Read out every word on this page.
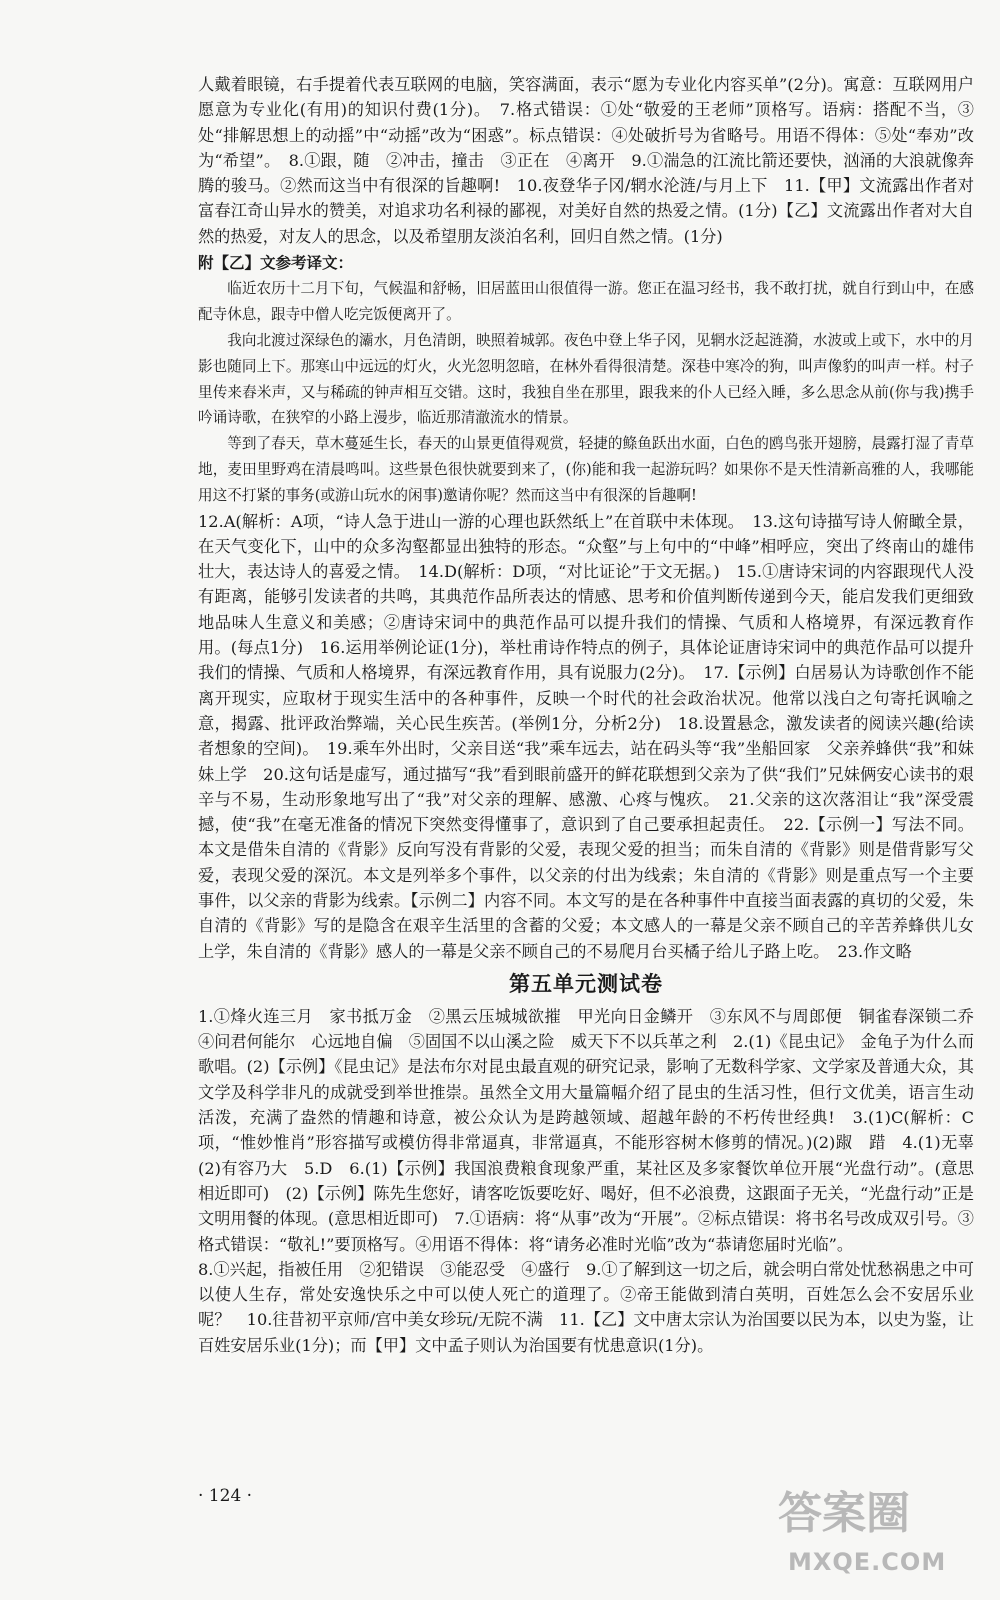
人戴着眼镜，右手提着代表互联网的电脑，笑容满面，表示“愿为专业化内容买单”(2分)。寓意：互联网用户愿意为专业化(有用)的知识付费(1分)。　7.格式错误：①处“敬爱的王老师”顶格写。语病：搭配不当，③处“排解思想上的动摇”中“动摇”改为“困惑”。标点错误：④处破折号为省略号。用语不得体：⑤处“奉劝”改为“希望”。　8.①跟，随　②冲击，撞击　③正在　④离开　9.①湍急的江流比箭还要快，汹涌的大浪就像奔腾的骏马。②然而这当中有很深的旨趣啊!　10.夜登华子冈/辋水沦涟/与月上下　11.【甲】文流露出作者对富春江奇山异水的赞美，对追求功名利禄的鄙视，对美好自然的热爱之情。(1分)【乙】文流露出作者对大自然的热爱，对友人的思念，以及希望朋友淡泊名利，回归自然之情。(1分)

附【乙】文参考译文：

临近农历十二月下旬，气候温和舒畅，旧居蓝田山很值得一游。您正在温习经书，我不敢打扰，就自行到山中，在感配寺休息，跟寺中僧人吃完饭便离开了。

我向北渡过深绿色的灞水，月色清朗，映照着城郭。夜色中登上华子冈，见辋水泛起涟漪，水波或上或下，水中的月影也随同上下。那寒山中远远的灯火，火光忽明忽暗，在林外看得很清楚。深巷中寒冷的狗，叫声像豹的叫声一样。村子里传来舂米声，又与稀疏的钟声相互交错。这时，我独自坐在那里，跟我来的仆人已经入睡，多么思念从前(你与我)携手吟诵诗歌，在狭窄的小路上漫步，临近那清澈流水的情景。

等到了春天，草木蔓延生长，春天的山景更值得观赏，轻捷的鲦鱼跃出水面，白色的鸥鸟张开翅膀，晨露打湿了青草地，麦田里野鸡在清晨鸣叫。这些景色很快就要到来了，(你)能和我一起游玩吗？如果你不是天性清新高雅的人，我哪能用这不打紧的事务(或游山玩水的闲事)邀请你呢？然而这当中有很深的旨趣啊!

12.A(解析：A项，“诗人急于进山一游的心理也跃然纸上”在首联中未体现。　13.这句诗描写诗人俯瞰全景，在天气变化下，山中的众多沟壑都显出独特的形态。“众壑”与上句中的“中峰”相呼应，突出了终南山的雄伟壮大，表达诗人的喜爱之情。　14.D(解析：D项，“对比证论”于文无据。)　15.①唐诗宋词的内容跟现代人没有距离，能够引发读者的共鸣，其典范作品所表达的情感、思考和价值判断传递到今天，能启发我们更细致地品味人生意义和美感；②唐诗宋词中的典范作品可以提升我们的情操、气质和人格境界，有深远教育作用。(每点1分)　16.运用举例论证(1分)，举杜甫诗作特点的例子，具体论证唐诗宋词中的典范作品可以提升我们的情操、气质和人格境界，有深远教育作用，具有说服力(2分)。　17.【示例】白居易认为诗歌创作不能离开现实，应取材于现实生活中的各种事件，反映一个时代的社会政治状况。他常以浅白之句寄托讽喻之意，揭露、批评政治弊端，关心民生疾苦。(举例1分，分析2分)　18.设置悬念，激发读者的阅读兴趣(给读者想象的空间)。　19.乘车外出时，父亲目送“我”乘车远去，站在码头等“我”坐船回家　父亲养蜂供“我”和妹妹上学　20.这句话是虚写，通过描写“我”看到眼前盛开的鲜花联想到父亲为了供“我们”兄妹俩安心读书的艰辛与不易，生动形象地写出了“我”对父亲的理解、感激、心疼与愧疚。　21.父亲的这次落泪让“我”深受震撼，使“我”在毫无准备的情况下突然变得懂事了，意识到了自己要承担起责任。　22.【示例一】写法不同。本文是借朱自清的《背影》反向写没有背影的父爱，表现父爱的担当；而朱自清的《背影》则是借背影写父爱，表现父爱的深沉。本文是列举多个事件，以父亲的付出为线索；朱自清的《背影》则是重点写一个主要事件，以父亲的背影为线索。【示例二】内容不同。本文写的是在各种事件中直接当面表露的真切的父爱，朱自清的《背影》写的是隐含在艰辛生活里的含蓄的父爱；本文感人的一幕是父亲不顾自己的辛苦养蜂供儿女上学，朱自清的《背影》感人的一幕是父亲不顾自己的不易爬月台买橘子给儿子路上吃。　23.作文略

第五单元测试卷

1.①烽火连三月　家书抵万金　②黑云压城城欲摧　甲光向日金鳞开　③东风不与周郎便　铜雀春深锁二乔　④问君何能尔　心远地自偏　⑤固国不以山溪之险　威天下不以兵革之利　2.(1)《昆虫记》　金龟子为什么而歌唱。(2)【示例】《昆虫记》是法布尔对昆虫最直观的研究记录，影响了无数科学家、文学家及普通大众，其文学及科学非凡的成就受到举世推崇。虽然全文用大量篇幅介绍了昆虫的生活习性，但行文优美，语言生动活泼，充满了盎然的情趣和诗意，被公众认为是跨越领域、超越年龄的不朽传世经典!　3.(1)C(解析：C项，“惟妙惟肖”形容描写或模仿得非常逼真，非常逼真，不能形容树木修剪的情况。)(2)踧　踖　4.(1)无辜　(2)有容乃大　5.D　6.(1)【示例】我国浪费粮食现象严重，某社区及多家餐饮单位开展“光盘行动”。(意思相近即可)　(2)【示例】陈先生您好，请客吃饭要吃好、喝好，但不必浪费，这跟面子无关，“光盘行动”正是文明用餐的体现。(意思相近即可)　7.①语病：将“从事”改为“开展”。②标点错误：将书名号改成双引号。③格式错误：“敬礼!”要顶格写。④用语不得体：将“请务必准时光临”改为“恭请您届时光临”。

8.①兴起，指被任用　②犯错误　③能忍受　④盛行　9.①了解到这一切之后，就会明白常处忧愁祸患之中可以使人生存，常处安逸快乐之中可以使人死亡的道理了。②帝王能做到清白英明，百姓怎么会不安居乐业呢？　10.往昔初平京师/宫中美女珍玩/无院不满　11.【乙】文中唐太宗认为治国要以民为本，以史为鉴，让百姓安居乐业(1分)；而【甲】文中孟子则认为治国要有忧患意识(1分)。

· 124 ·	答案圈
MXQE.COM
